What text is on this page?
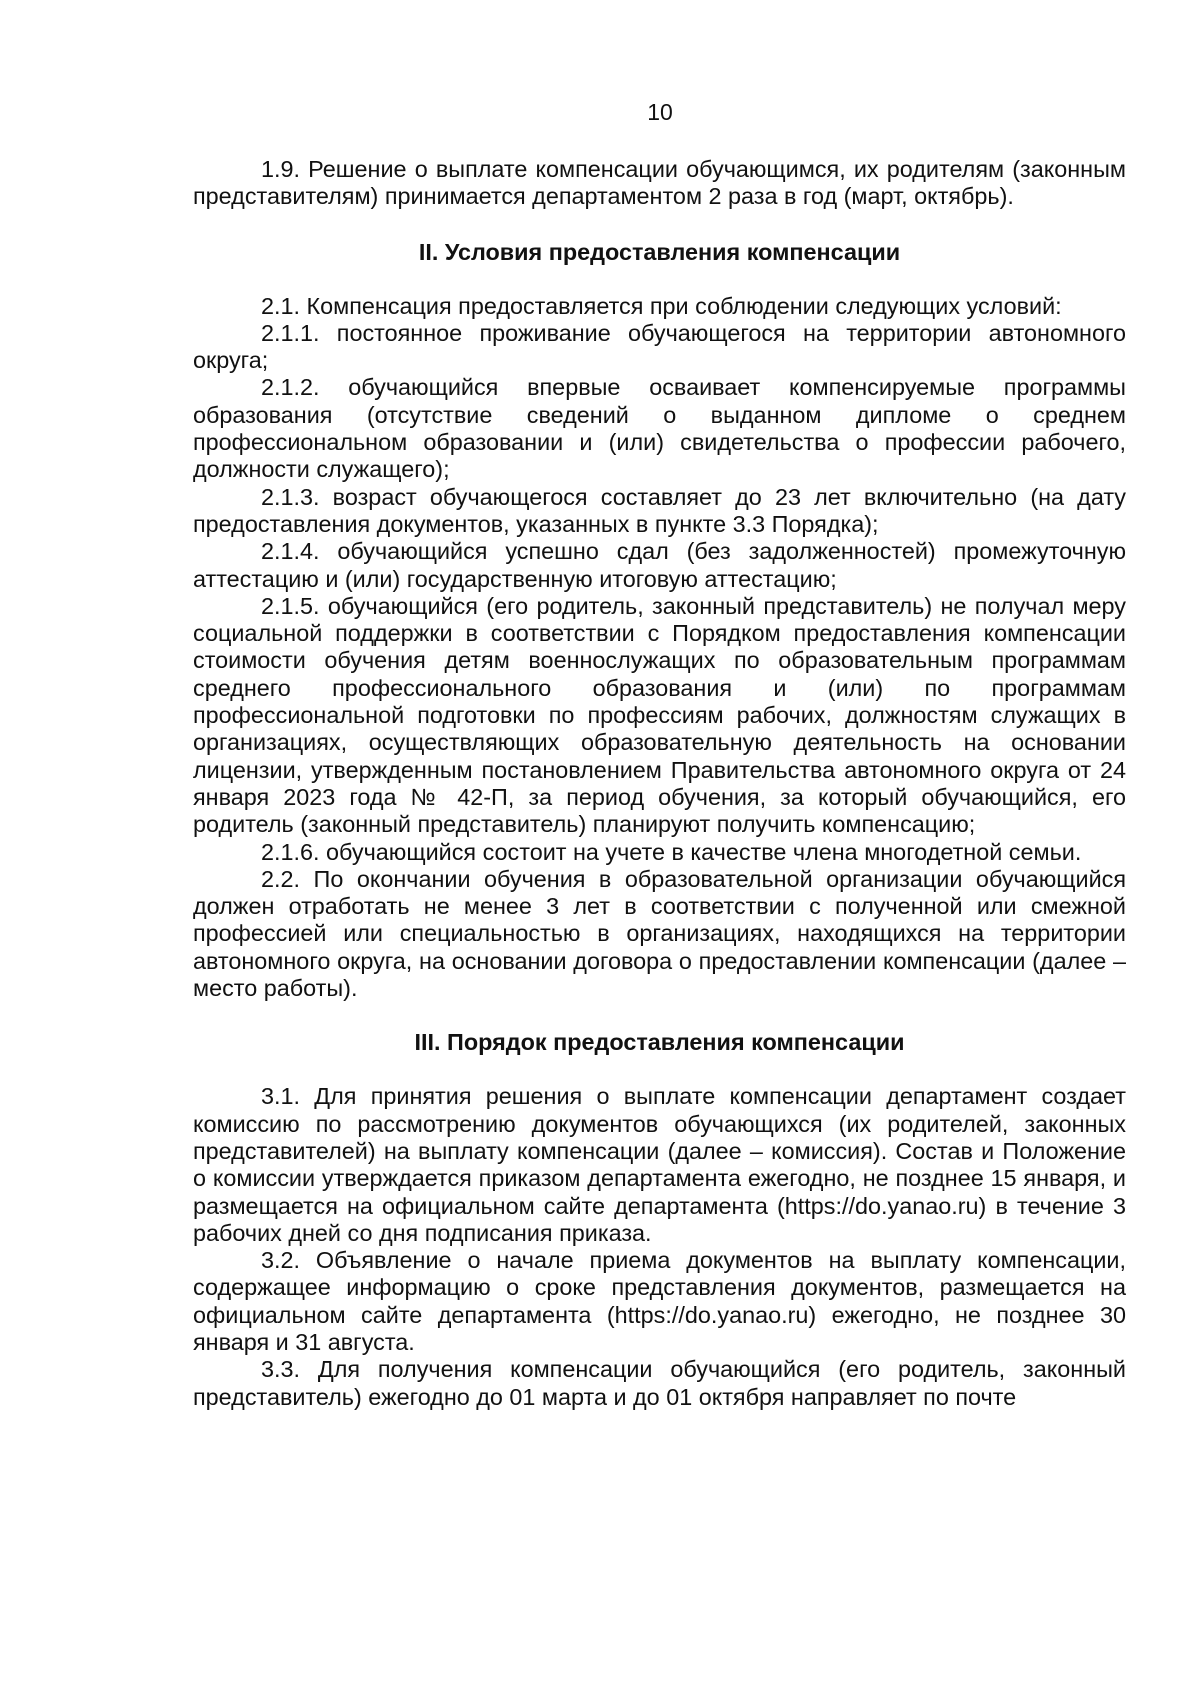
10

1.9. Решение о выплате компенсации обучающимся, их родителям (законным представителям) принимается департаментом 2 раза в год (март, октябрь).

II. Условия предоставления компенсации

2.1. Компенсация предоставляется при соблюдении следующих условий:

2.1.1. постоянное проживание обучающегося на территории автономного округа;

2.1.2. обучающийся впервые осваивает компенсируемые программы образования (отсутствие сведений о выданном дипломе о среднем профессиональном образовании и (или) свидетельства о профессии рабочего, должности служащего);

2.1.3. возраст обучающегося составляет до 23 лет включительно (на дату предоставления документов, указанных в пункте 3.3 Порядка);

2.1.4. обучающийся успешно сдал (без задолженностей) промежуточную аттестацию и (или) государственную итоговую аттестацию;

2.1.5. обучающийся (его родитель, законный представитель) не получал меру социальной поддержки в соответствии с Порядком предоставления компенсации стоимости обучения детям военнослужащих по образовательным программам среднего профессионального образования и (или) по программам профессиональной подготовки по профессиям рабочих, должностям служащих в организациях, осуществляющих образовательную деятельность на основании лицензии, утвержденным постановлением Правительства автономного округа от 24 января 2023 года № 42-П, за период обучения, за который обучающийся, его родитель (законный представитель) планируют получить компенсацию;

2.1.6. обучающийся состоит на учете в качестве члена многодетной семьи.

2.2. По окончании обучения в образовательной организации обучающийся должен отработать не менее 3 лет в соответствии с полученной или смежной профессией или специальностью в организациях, находящихся на территории автономного округа, на основании договора о предоставлении компенсации (далее – место работы).

III. Порядок предоставления компенсации

3.1. Для принятия решения о выплате компенсации департамент создает комиссию по рассмотрению документов обучающихся (их родителей, законных представителей) на выплату компенсации (далее – комиссия). Состав и Положение о комиссии утверждается приказом департамента ежегодно, не позднее 15 января, и размещается на официальном сайте департамента (https://do.yanao.ru) в течение 3 рабочих дней со дня подписания приказа.

3.2. Объявление о начале приема документов на выплату компенсации, содержащее информацию о сроке представления документов, размещается на официальном сайте департамента (https://do.yanao.ru) ежегодно, не позднее 30 января и 31 августа.

3.3. Для получения компенсации обучающийся (его родитель, законный представитель) ежегодно до 01 марта и до 01 октября направляет по почте
